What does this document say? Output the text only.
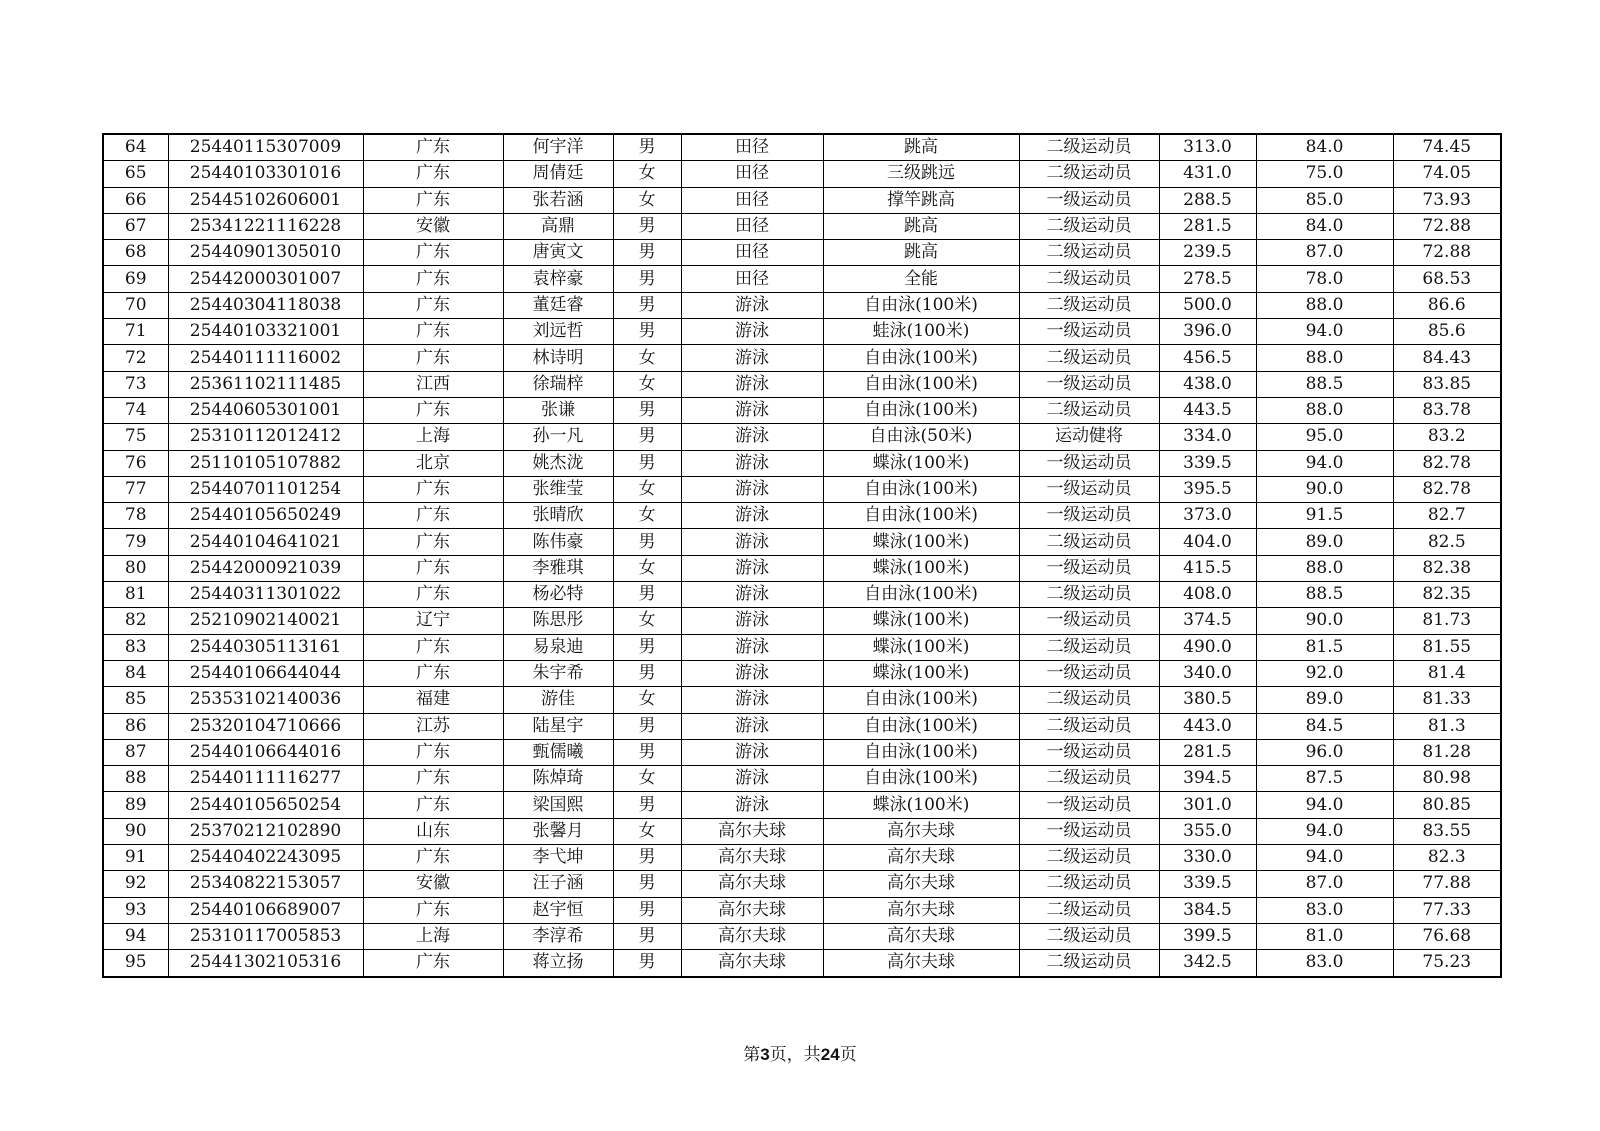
64	25440115307009	广东	何宇洋	男	田径	跳高	二级运动员	313.0	84.0	74.45
65	25440103301016	广东	周倩廷	女	田径	三级跳远	二级运动员	431.0	75.0	74.05
66	25445102606001	广东	张若涵	女	田径	撑竿跳高	一级运动员	288.5	85.0	73.93
67	25341221116228	安徽	高鼎	男	田径	跳高	二级运动员	281.5	84.0	72.88
68	25440901305010	广东	唐寅文	男	田径	跳高	二级运动员	239.5	87.0	72.88
69	25442000301007	广东	袁梓豪	男	田径	全能	二级运动员	278.5	78.0	68.53
70	25440304118038	广东	董廷睿	男	游泳	自由泳(100米)	二级运动员	500.0	88.0	86.6
71	25440103321001	广东	刘远哲	男	游泳	蛙泳(100米)	一级运动员	396.0	94.0	85.6
72	25440111116002	广东	林诗明	女	游泳	自由泳(100米)	二级运动员	456.5	88.0	84.43
73	25361102111485	江西	徐瑞梓	女	游泳	自由泳(100米)	一级运动员	438.0	88.5	83.85
74	25440605301001	广东	张谦	男	游泳	自由泳(100米)	二级运动员	443.5	88.0	83.78
75	25310112012412	上海	孙一凡	男	游泳	自由泳(50米)	运动健将	334.0	95.0	83.2
76	25110105107882	北京	姚杰泷	男	游泳	蝶泳(100米)	一级运动员	339.5	94.0	82.78
77	25440701101254	广东	张维莹	女	游泳	自由泳(100米)	一级运动员	395.5	90.0	82.78
78	25440105650249	广东	张晴欣	女	游泳	自由泳(100米)	一级运动员	373.0	91.5	82.7
79	25440104641021	广东	陈伟豪	男	游泳	蝶泳(100米)	二级运动员	404.0	89.0	82.5
80	25442000921039	广东	李雅琪	女	游泳	蝶泳(100米)	一级运动员	415.5	88.0	82.38
81	25440311301022	广东	杨必特	男	游泳	自由泳(100米)	二级运动员	408.0	88.5	82.35
82	25210902140021	辽宁	陈思彤	女	游泳	蝶泳(100米)	一级运动员	374.5	90.0	81.73
83	25440305113161	广东	易泉迪	男	游泳	蝶泳(100米)	二级运动员	490.0	81.5	81.55
84	25440106644044	广东	朱宇希	男	游泳	蝶泳(100米)	一级运动员	340.0	92.0	81.4
85	25353102140036	福建	游佳	女	游泳	自由泳(100米)	二级运动员	380.5	89.0	81.33
86	25320104710666	江苏	陆星宇	男	游泳	自由泳(100米)	二级运动员	443.0	84.5	81.3
87	25440106644016	广东	甄儒曦	男	游泳	自由泳(100米)	一级运动员	281.5	96.0	81.28
88	25440111116277	广东	陈焯琦	女	游泳	自由泳(100米)	二级运动员	394.5	87.5	80.98
89	25440105650254	广东	梁国熙	男	游泳	蝶泳(100米)	一级运动员	301.0	94.0	80.85
90	25370212102890	山东	张馨月	女	高尔夫球	高尔夫球	一级运动员	355.0	94.0	83.55
91	25440402243095	广东	李弋坤	男	高尔夫球	高尔夫球	二级运动员	330.0	94.0	82.3
92	25340822153057	安徽	汪子涵	男	高尔夫球	高尔夫球	二级运动员	339.5	87.0	77.88
93	25440106689007	广东	赵宇恒	男	高尔夫球	高尔夫球	二级运动员	384.5	83.0	77.33
94	25310117005853	上海	李淳希	男	高尔夫球	高尔夫球	二级运动员	399.5	81.0	76.68
95	25441302105316	广东	蒋立扬	男	高尔夫球	高尔夫球	二级运动员	342.5	83.0	75.23
第3页，共24页
